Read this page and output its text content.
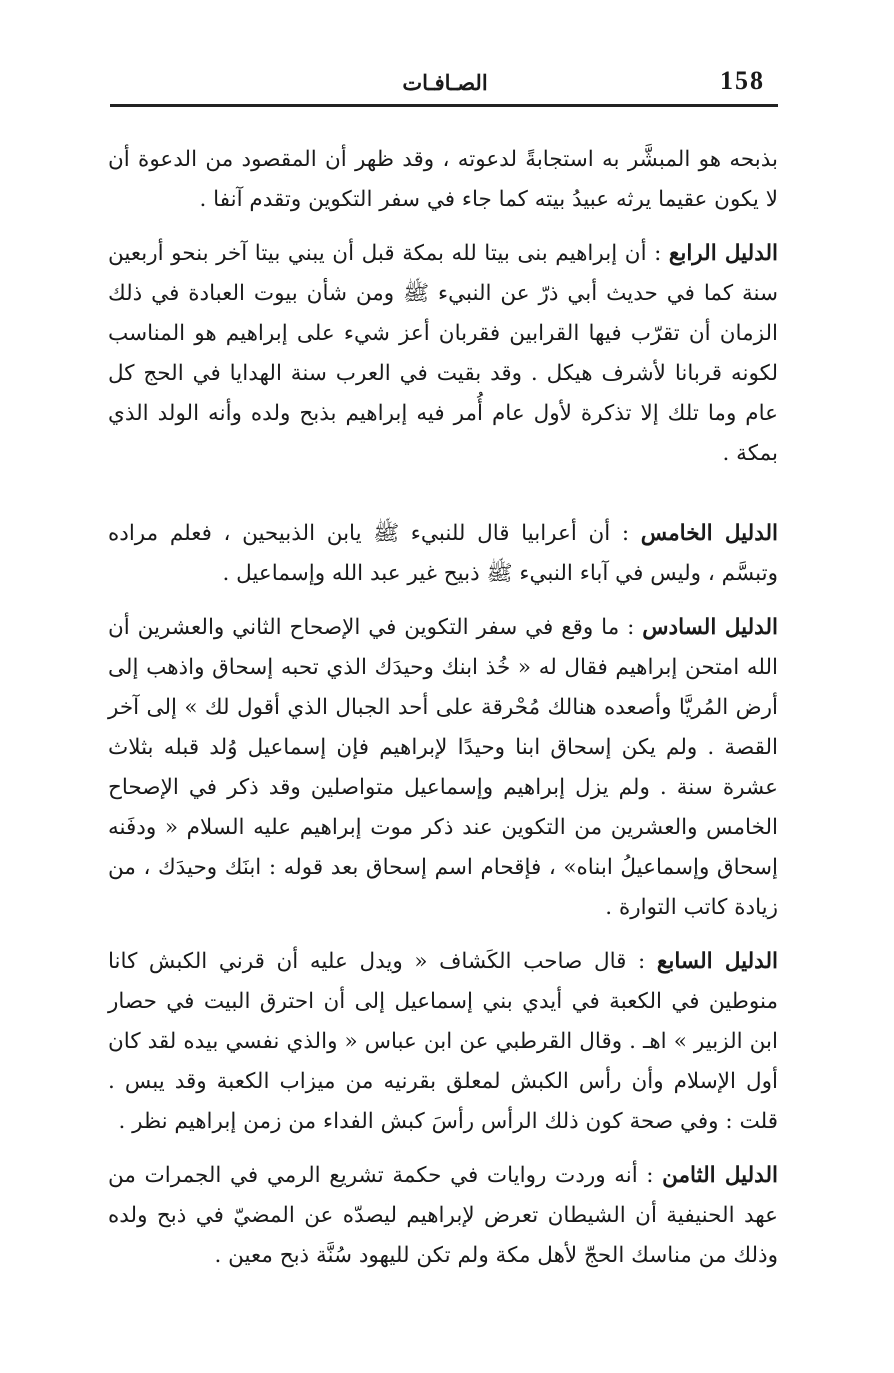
158
الصـافـات

بذبحه هو المبشَّر به استجابةً لدعوته ، وقد ظهر أن المقصود من الدعوة أن لا يكون عقيما يرثه عبيدُ بيته كما جاء في سفر التكوين وتقدم آنفا .

الدليل الرابع : أن إبراهيم بنى بيتا لله بمكة قبل أن يبني بيتا آخر بنحو أربعين سنة كما في حديث أبي ذرّ عن النبيء ﷺ ومن شأن بيوت العبادة في ذلك الزمان أن تقرّب فيها القرابين فقربان أعز شيء على إبراهيم هو المناسب لكونه قربانا لأشرف هيكل . وقد بقيت في العرب سنة الهدايا في الحج كل عام وما تلك إلا تذكرة لأول عام أُمر فيه إبراهيم بذبح ولده وأنه الولد الذي بمكة .

الدليل الخامس : أن أعرابيا قال للنبيء ﷺ يابن الذبيحين ، فعلم مراده وتبسَّم ، وليس في آباء النبيء ﷺ ذبيح غير عبد الله وإسماعيل .

الدليل السادس : ما وقع في سفر التكوين في الإصحاح الثاني والعشرين أن الله امتحن إبراهيم فقال له « خُذ ابنك وحيدَك الذي تحبه إسحاق واذهب إلى أرض المُريَّا وأصعده هنالك مُحْرقة على أحد الجبال الذي أقول لك » إلى آخر القصة . ولم يكن إسحاق ابنا وحيدًا لإبراهيم فإن إسماعيل وُلد قبله بثلاث عشرة سنة . ولم يزل إبراهيم وإسماعيل متواصلين وقد ذكر في الإصحاح الخامس والعشرين من التكوين عند ذكر موت إبراهيم عليه السلام « ودفَنه إسحاق وإسماعيلُ ابناه» ، فإقحام اسم إسحاق بعد قوله : ابنَك وحيدَك ، من زيادة كاتب التوارة .

الدليل السابع : قال صاحب الكَشاف « ويدل عليه أن قرني الكبش كانا منوطين في الكعبة في أيدي بني إسماعيل إلى أن احترق البيت في حصار ابن الزبير » اهـ . وقال القرطبي عن ابن عباس « والذي نفسي بيده لقد كان أول الإسلام وأن رأس الكبش لمعلق بقرنيه من ميزاب الكعبة وقد يبس . قلت : وفي صحة كون ذلك الرأس رأسَ كبش الفداء من زمن إبراهيم نظر .

الدليل الثامن : أنه وردت روايات في حكمة تشريع الرمي في الجمرات من عهد الحنيفية أن الشيطان تعرض لإبراهيم ليصدّه عن المضيّ في ذبح ولده وذلك من مناسك الحجّ لأهل مكة ولم تكن لليهود سُنَّة ذبح معين .
